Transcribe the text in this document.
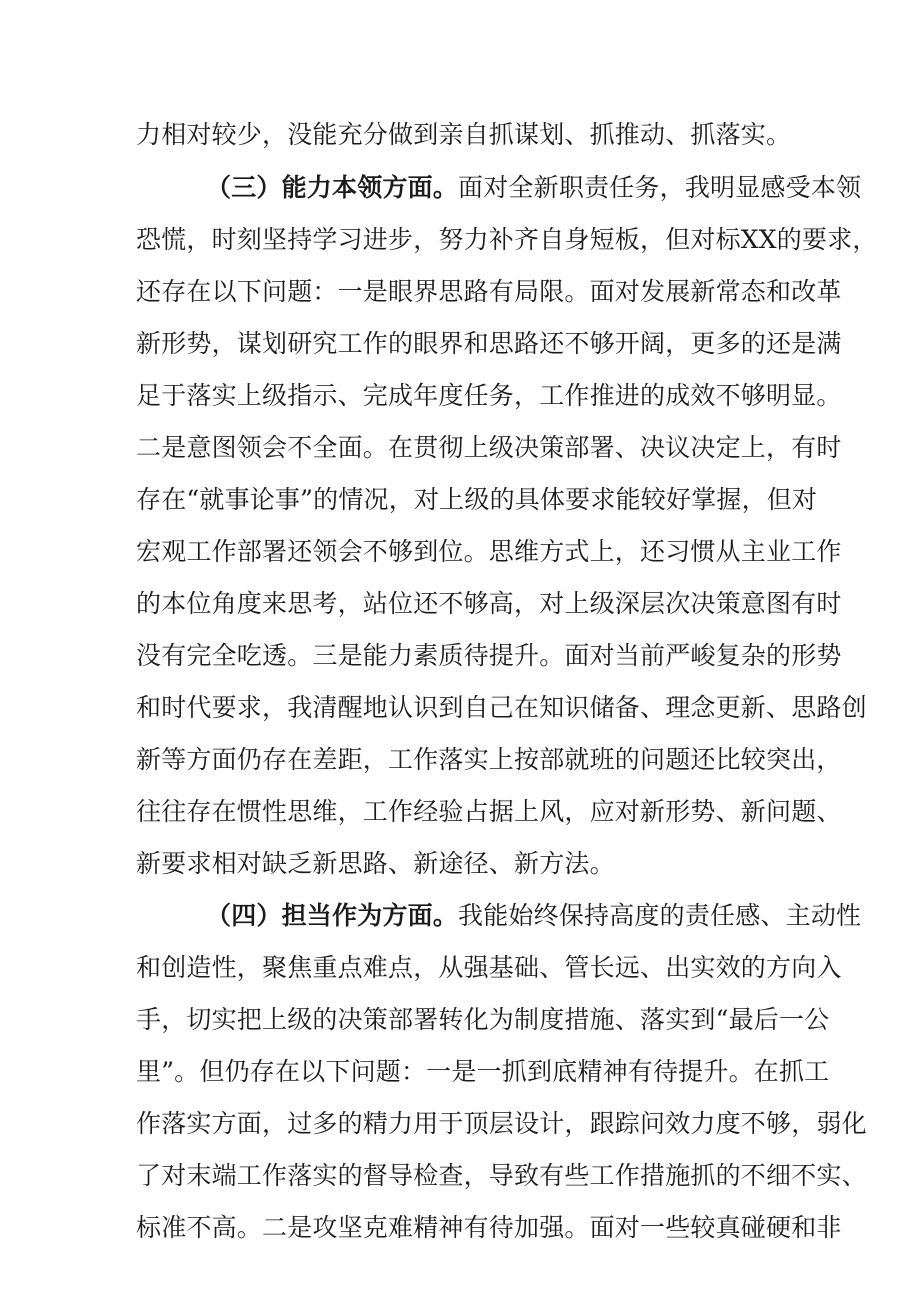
力相对较少，没能充分做到亲自抓谋划、抓推动、抓落实。
（三）能力本领方面。面对全新职责任务，我明显感受本领
恐慌，时刻坚持学习进步，努力补齐自身短板，但对标XX的要求，
还存在以下问题：一是眼界思路有局限。面对发展新常态和改革
新形势，谋划研究工作的眼界和思路还不够开阔，更多的还是满
足于落实上级指示、完成年度任务，工作推进的成效不够明显。
二是意图领会不全面。在贯彻上级决策部署、决议决定上，有时
存在“就事论事”的情况，对上级的具体要求能较好掌握，但对
宏观工作部署还领会不够到位。思维方式上，还习惯从主业工作
的本位角度来思考，站位还不够高，对上级深层次决策意图有时
没有完全吃透。三是能力素质待提升。面对当前严峻复杂的形势
和时代要求，我清醒地认识到自己在知识储备、理念更新、思路创
新等方面仍存在差距，工作落实上按部就班的问题还比较突出，
往往存在惯性思维，工作经验占据上风，应对新形势、新问题、
新要求相对缺乏新思路、新途径、新方法。
（四）担当作为方面。我能始终保持高度的责任感、主动性
和创造性，聚焦重点难点，从强基础、管长远、出实效的方向入
手，切实把上级的决策部署转化为制度措施、落实到“最后一公
里”。但仍存在以下问题：一是一抓到底精神有待提升。在抓工
作落实方面，过多的精力用于顶层设计，跟踪问效力度不够，弱化
了对末端工作落实的督导检查，导致有些工作措施抓的不细不实、
标准不高。二是攻坚克难精神有待加强。面对一些较真碰硬和非
